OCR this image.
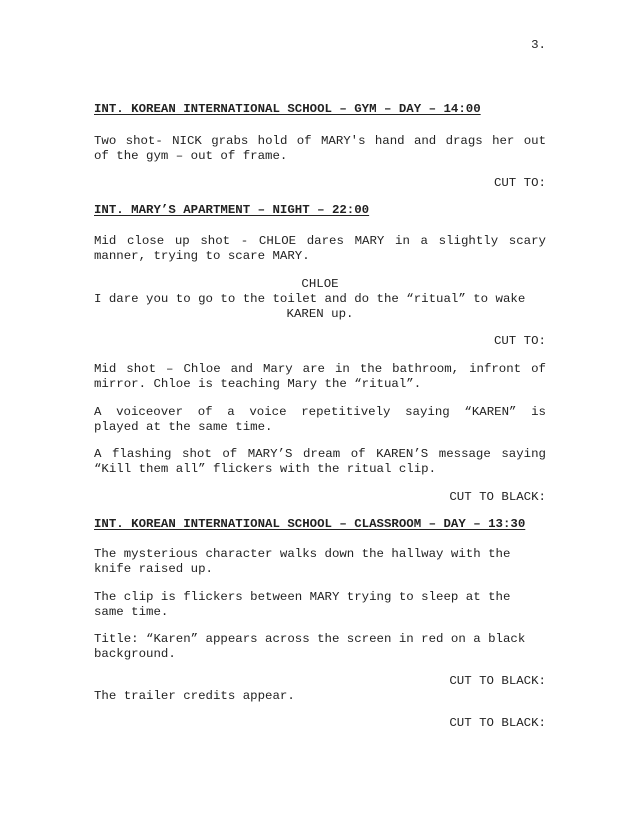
3.
INT. KOREAN INTERNATIONAL SCHOOL – GYM – DAY – 14:00
Two shot- NICK grabs hold of MARY's hand and drags her out
of the gym – out of frame.
CUT TO:
INT. MARY’S APARTMENT – NIGHT – 22:00
Mid close up shot - CHLOE dares MARY in a slightly scary
manner, trying to scare MARY.
CHLOE
I dare you to go to the toilet and do the “ritual” to wake
KAREN up.
CUT TO:
Mid shot – Chloe and Mary are in the bathroom, infront of
mirror. Chloe is teaching Mary the “ritual”.
A voiceover of a voice repetitively saying “KAREN” is
played at the same time.
A flashing shot of MARY’S dream of KAREN’S message saying
“Kill them all” flickers with the ritual clip.
CUT TO BLACK:
INT. KOREAN INTERNATIONAL SCHOOL – CLASSROOM – DAY – 13:30
The mysterious character walks down the hallway with the
knife raised up.
The clip is flickers between MARY trying to sleep at the
same time.
Title: “Karen” appears across the screen in red on a black
background.
CUT TO BLACK:
The trailer credits appear.
CUT TO BLACK:
